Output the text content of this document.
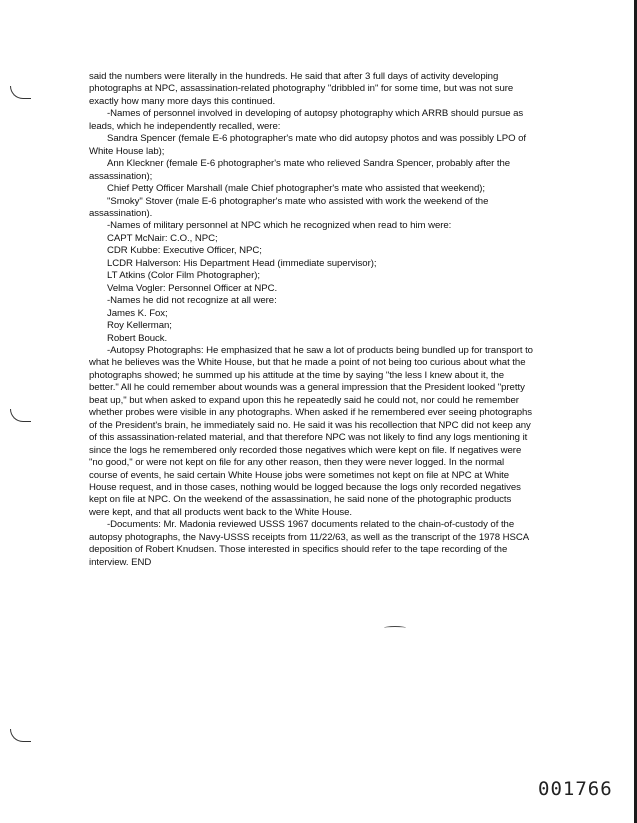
said the numbers were literally in the hundreds. He said that after 3 full days of activity developing

photographs at NPC, assassination-related photography "dribbled in" for some time, but was not sure

exactly how many more days this continued.

-Names of personnel involved in developing of autopsy photography which ARRB should pursue as

leads, which he independently recalled, were:

Sandra Spencer (female E-6 photographer's mate who did autopsy photos and was possibly LPO of

White House lab);

Ann Kleckner (female E-6 photographer's mate who relieved Sandra Spencer, probably after the

assassination);

Chief Petty Officer Marshall (male Chief photographer's mate who assisted that weekend);

"Smoky" Stover (male E-6 photographer's mate who assisted with work the weekend of the

assassination).

-Names of military personnel at NPC which he recognized when read to him were:

CAPT McNair: C.O., NPC;

CDR Kubbe: Executive Officer, NPC;

LCDR Halverson: His Department Head (immediate supervisor);

LT Atkins (Color Film Photographer);

Velma Vogler: Personnel Officer at NPC.

-Names he did not recognize at all were:

James K. Fox;

Roy Kellerman;

Robert Bouck.

-Autopsy Photographs: He emphasized that he saw a lot of products being bundled up for transport to

what he believes was the White House, but that he made a point of not being too curious about what the

photographs showed; he summed up his attitude at the time by saying "the less I knew about it, the

better." All he could remember about wounds was a general impression that the President looked "pretty

beat up," but when asked to expand upon this he repeatedly said he could not, nor could he remember

whether probes were visible in any photographs. When asked if he remembered ever seeing photographs

of the President's brain, he immediately said no. He said it was his recollection that NPC did not keep any

of this assassination-related material, and that therefore NPC was not likely to find any logs mentioning it

since the logs he remembered only recorded those negatives which were kept on file. If negatives were

"no good," or were not kept on file for any other reason, then they were never logged. In the normal

course of events, he said certain White House jobs were sometimes not kept on file at NPC at White

House request, and in those cases, nothing would be logged because the logs only recorded negatives

kept on file at NPC. On the weekend of the assassination, he said none of the photographic products

were kept, and that all products went back to the White House.

-Documents: Mr. Madonia reviewed USSS 1967 documents related to the chain-of-custody of the

autopsy photographs, the Navy-USSS receipts from 11/22/63, as well as the transcript of the 1978 HSCA

deposition of Robert Knudsen. Those interested in specifics should refer to the tape recording of the

interview. END

001766
